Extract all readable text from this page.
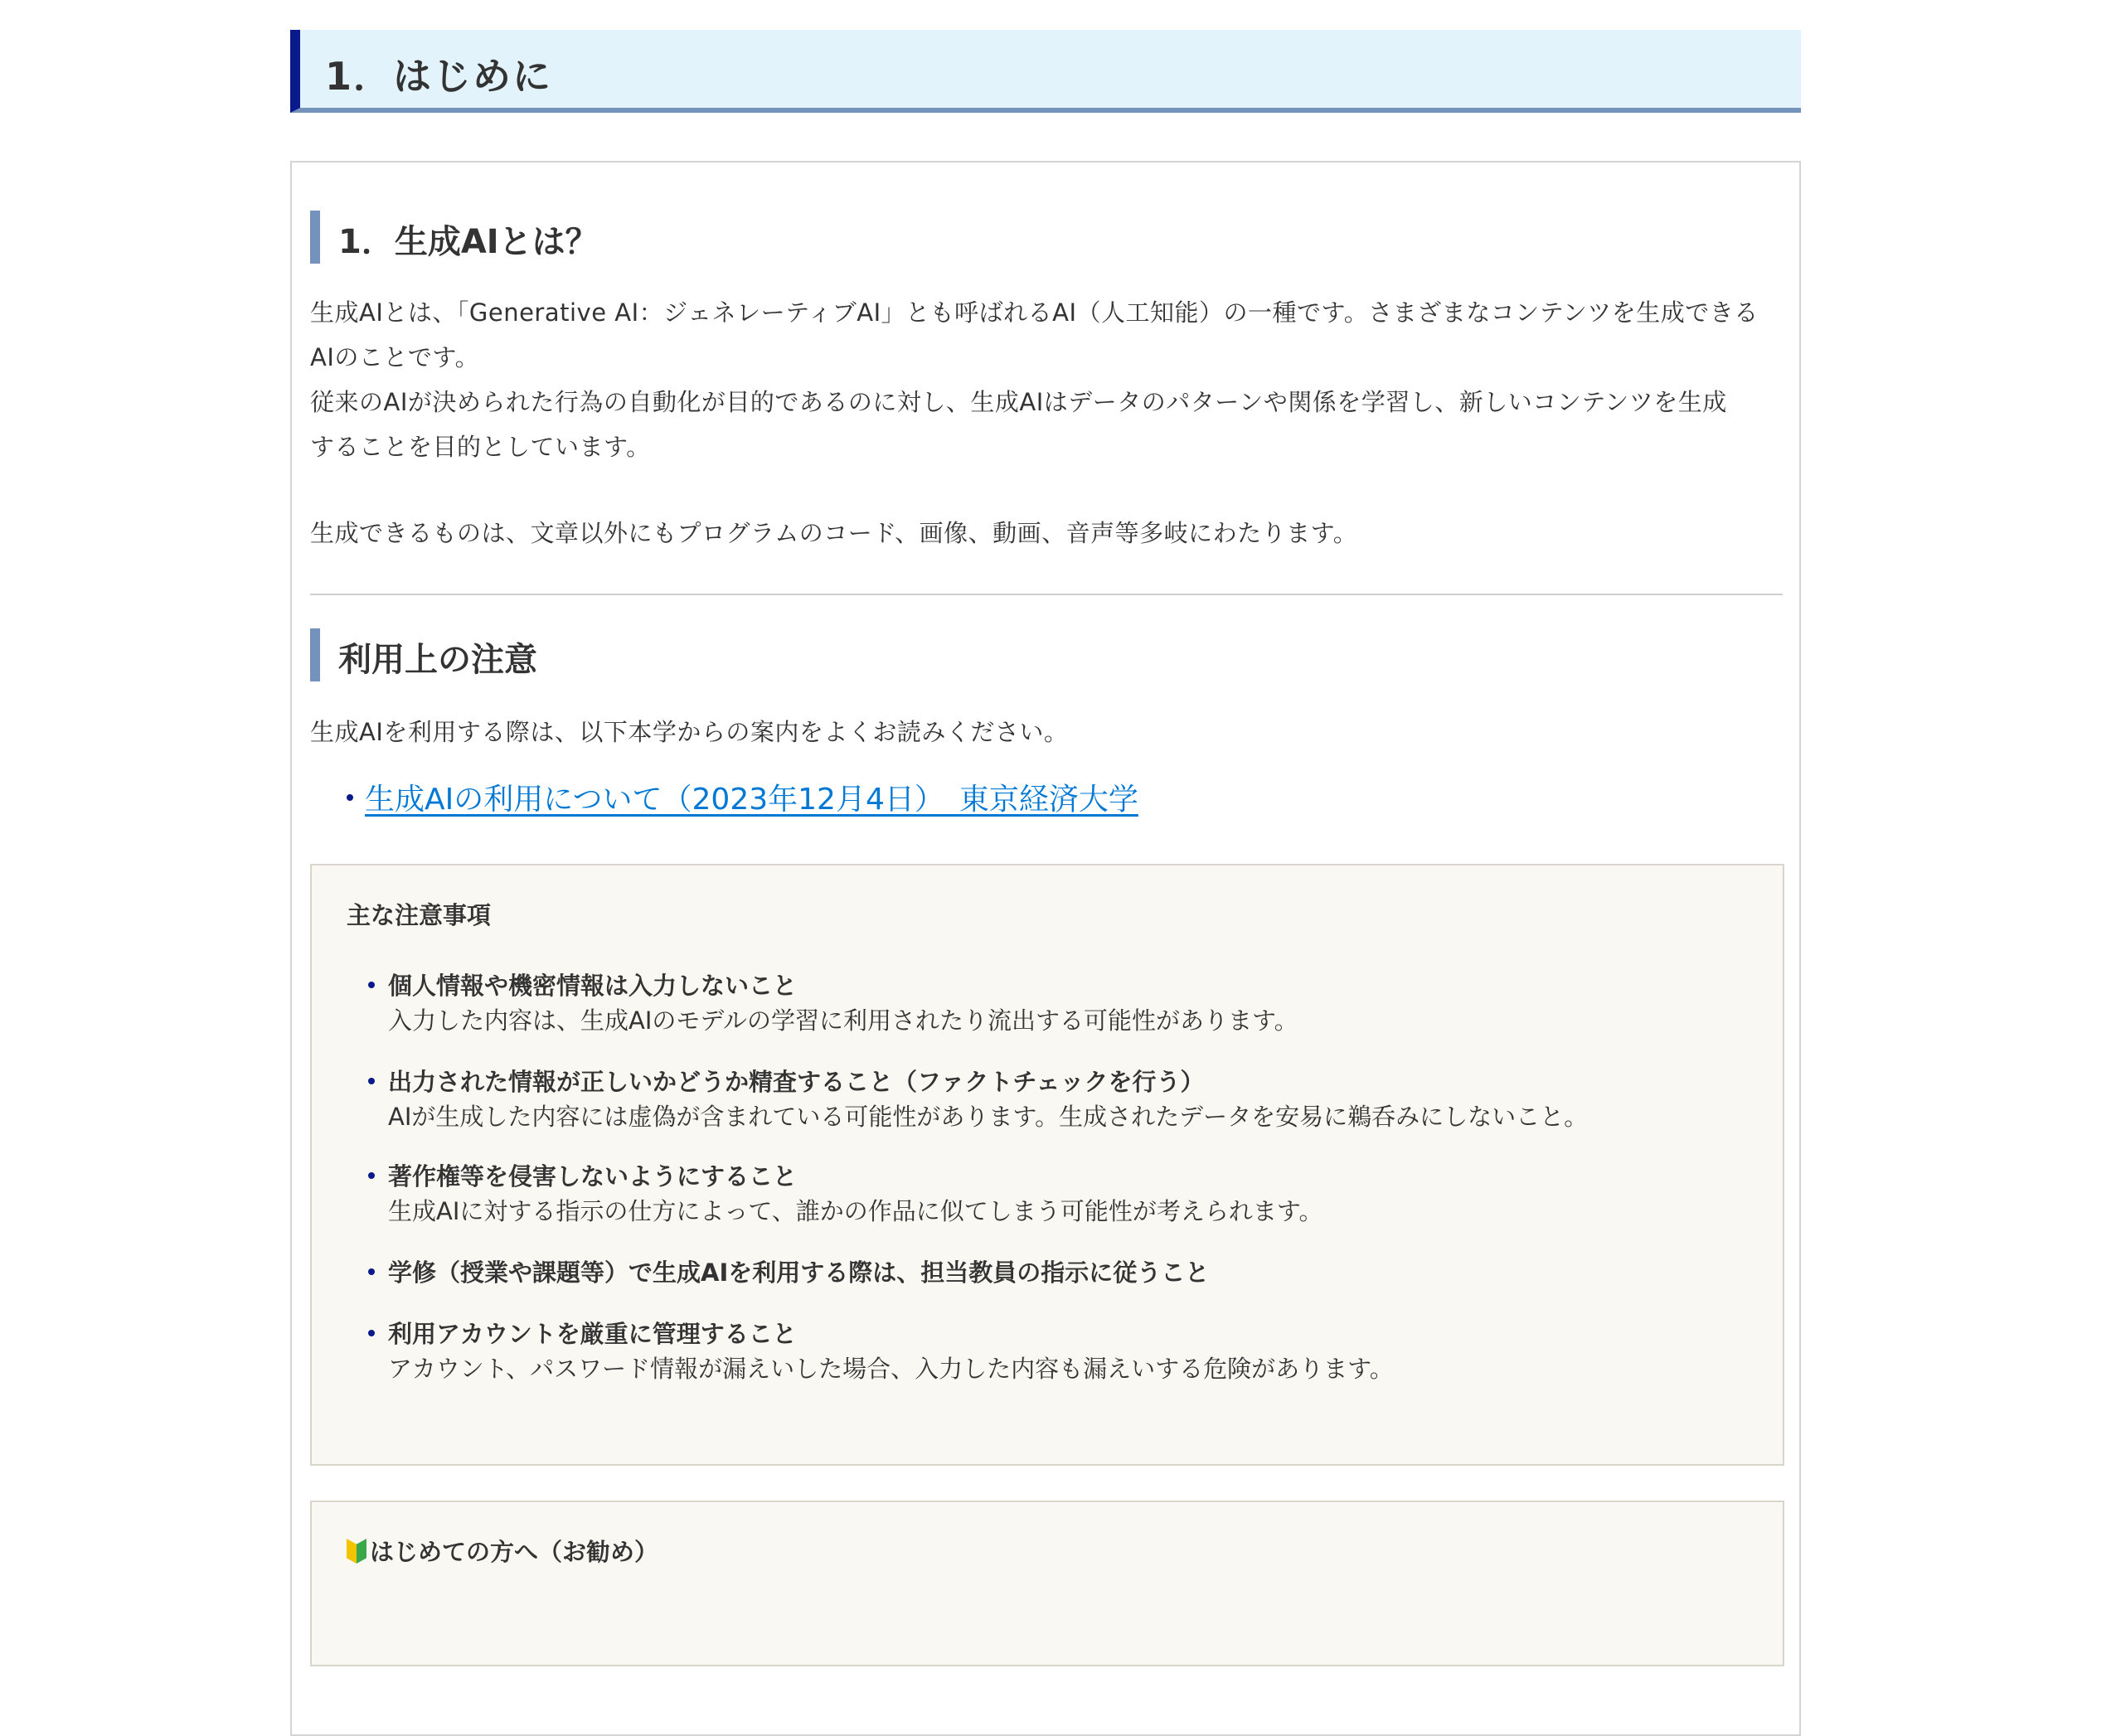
1．はじめに
1．生成AIとは？
生成AIとは、「Generative AI：ジェネレーティブAI」とも呼ばれるAI（人工知能）の一種です。さまざまなコンテンツを生成できる
AIのことです。
従来のAIが決められた行為の自動化が目的であるのに対し、生成AIはデータのパターンや関係を学習し、新しいコンテンツを生成
することを目的としています。
生成できるものは、文章以外にもプログラムのコード、画像、動画、音声等多岐にわたります。
利用上の注意
生成AIを利用する際は、以下本学からの案内をよくお読みください。
生成AIの利用について（2023年12月4日）　東京経済大学
主な注意事項
個人情報や機密情報は入力しないこと
入力した内容は、生成AIのモデルの学習に利用されたり流出する可能性があります。
出力された情報が正しいかどうか精査すること（ファクトチェックを行う）
AIが生成した内容には虚偽が含まれている可能性があります。生成されたデータを安易に鵜呑みにしないこと。
著作権等を侵害しないようにすること
生成AIに対する指示の仕方によって、誰かの作品に似てしまう可能性が考えられます。
学修（授業や課題等）で生成AIを利用する際は、担当教員の指示に従うこと
利用アカウントを厳重に管理すること
アカウント、パスワード情報が漏えいした場合、入力した内容も漏えいする危険があります。
はじめての方へ（お勧め）
